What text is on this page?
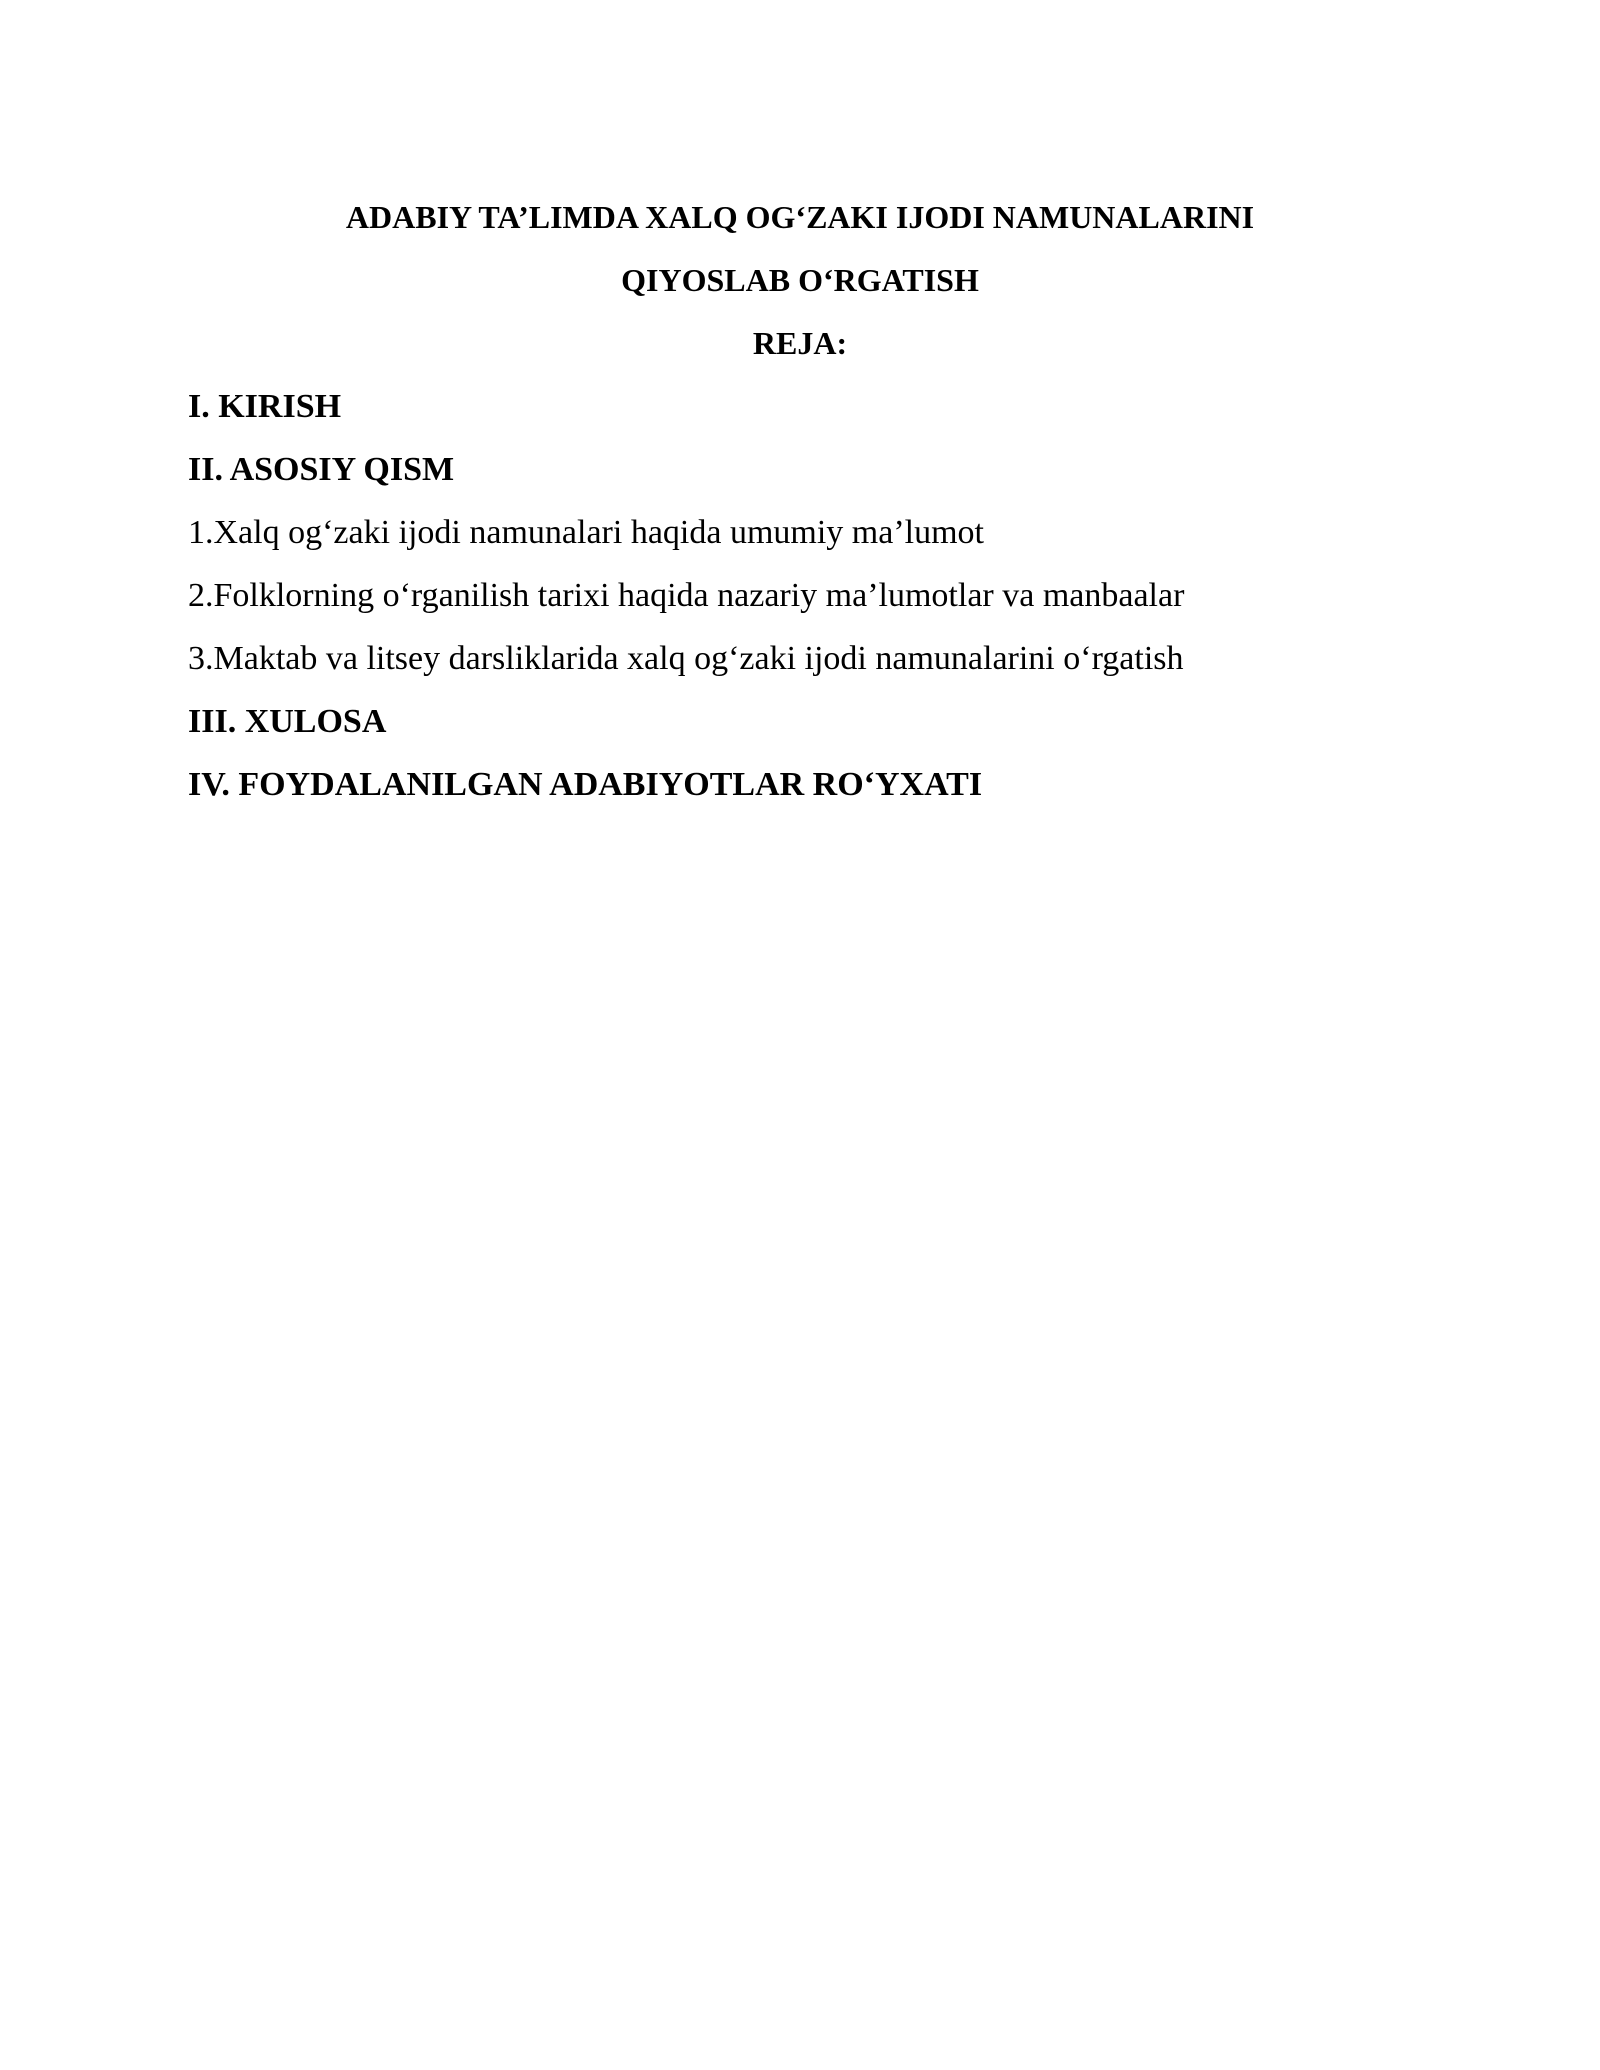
ADABIY TA’LIMDA XALQ OG‘ZAKI IJODI NAMUNALARINI

QIYOSLAB O‘RGATISH

REJA:

I. KIRISH

II. ASOSIY QISM

1.Xalq og‘zaki ijodi namunalari haqida umumiy ma’lumot

2.Folklorning o‘rganilish tarixi haqida nazariy ma’lumotlar va manbaalar

3.Maktab va litsey darsliklarida xalq og‘zaki ijodi namunalarini o‘rgatish

III. XULOSA

IV. FOYDALANILGAN ADABIYOTLAR RO‘YXATI
